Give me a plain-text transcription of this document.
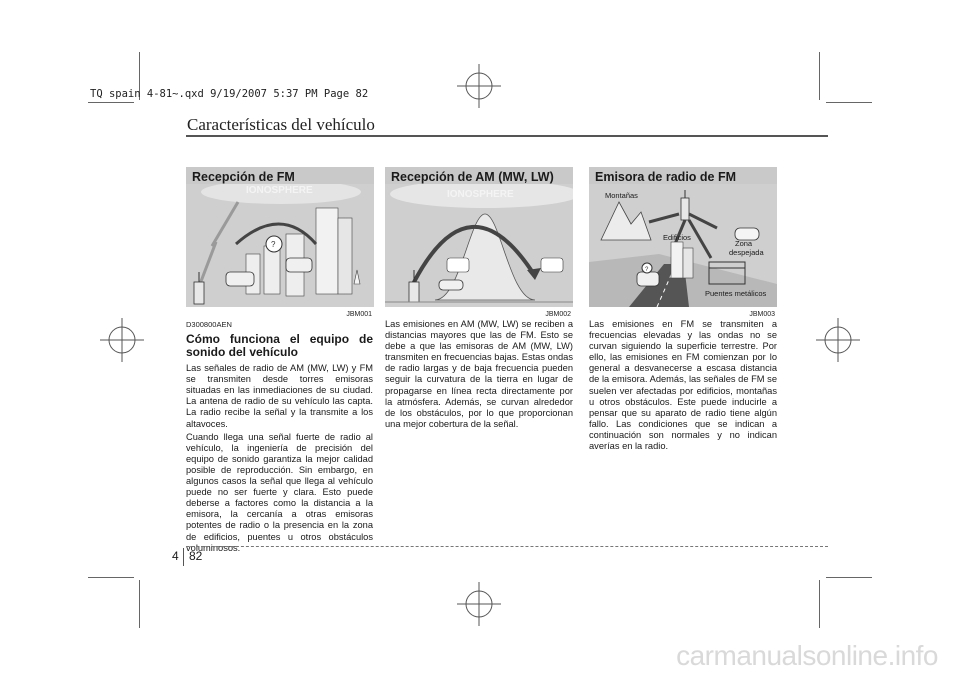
TQ spain 4-81~.qxd 9/19/2007 5:37 PM Page 82
Características del vehículo
Recepción de FM
IONOSPHERE
?
JBM001
Recepción de AM (MW, LW)
IONOSPHERE
JBM002
Emisora de radio de FM
?
Montañas
Edificios
Zona
despejada
Puentes metálicos
JBM003

D300800AEN

Cómo funciona el equipo de sonido del vehículo

Las señales de radio de AM (MW, LW) y FM se transmiten desde torres emisoras situadas en las inmediaciones de su ciudad. La antena de radio de su vehículo las capta. La radio recibe la señal y la transmite a los altavoces.

Cuando llega una señal fuerte de radio al vehículo, la ingeniería de precisión del equipo de sonido garantiza la mejor calidad posible de reproducción. Sin embargo, en algunos casos la señal que llega al vehículo puede no ser fuerte y clara. Esto puede deberse a factores como la distancia a la emisora, la cercanía a otras emisoras potentes de radio o la presencia en la zona de edificios, puentes u otros obstáculos voluminosos.

Las emisiones en AM (MW, LW) se reciben a distancias mayores que las de FM. Esto se debe a que las emisoras de AM (MW, LW) transmiten en frecuencias bajas. Estas ondas de radio largas y de baja frecuencia pueden seguir la curvatura de la tierra en lugar de propagarse en línea recta directamente por la atmósfera. Además, se curvan alrededor de los obstáculos, por lo que proporcionan una mejor cobertura de la señal.

Las emisiones en FM se transmiten a frecuencias elevadas y las ondas no se curvan siguiendo la superficie terrestre. Por ello, las emisiones en FM comienzan por lo general a desvanecerse a escasa distancia de la emisora. Además, las señales de FM se suelen ver afectadas por edificios, montañas u otros obstáculos. Este puede inducirle a pensar que su aparato de radio tiene algún fallo. Las condiciones que se indican a continuación son normales y no indican averías en la radio.

4 82
carmanualsonline.info
